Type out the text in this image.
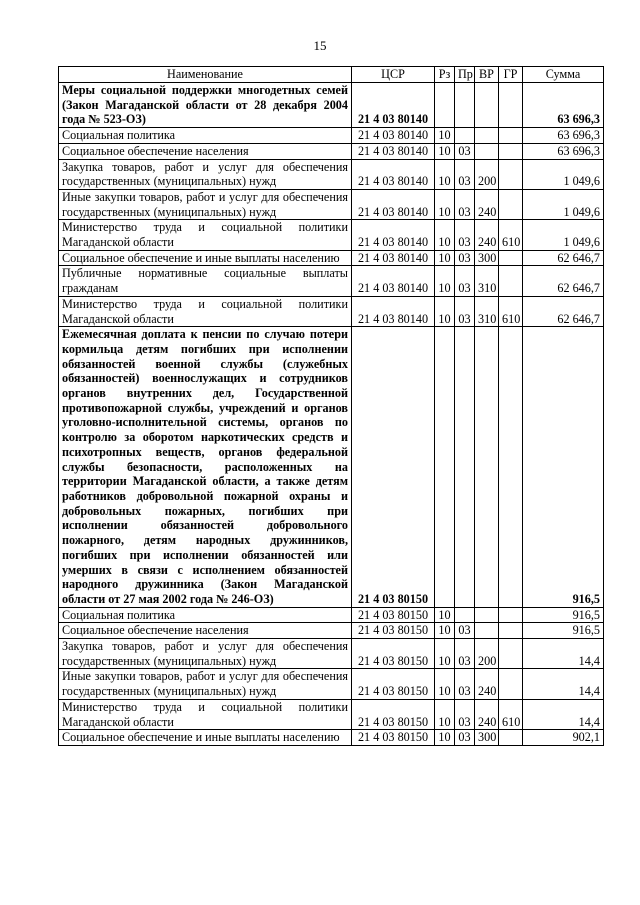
15
Наименование	ЦСР	Рз	Пр	ВР	ГР	Сумма
Меры социальной поддержки многодетных семей (Закон Магаданской области от 28 декабря 2004 года № 523-ОЗ)	21 4 03 80140					63 696,3
Социальная политика	21 4 03 80140	10				63 696,3
Социальное обеспечение населения	21 4 03 80140	10	03			63 696,3
Закупка товаров, работ и услуг для обеспечения государственных (муниципальных) нужд	21 4 03 80140	10	03	200		1 049,6
Иные закупки товаров, работ и услуг для обеспечения государственных (муниципальных) нужд	21 4 03 80140	10	03	240		1 049,6
Министерство труда и социальной политики Магаданской области	21 4 03 80140	10	03	240	610	1 049,6
Социальное обеспечение и иные выплаты населению	21 4 03 80140	10	03	300		62 646,7
Публичные нормативные социальные выплаты гражданам	21 4 03 80140	10	03	310		62 646,7
Министерство труда и социальной политики Магаданской области	21 4 03 80140	10	03	310	610	62 646,7
Ежемесячная доплата к пенсии по случаю потери кормильца детям погибших при исполнении обязанностей военной службы (служебных обязанностей) военнослужащих и сотрудников органов внутренних дел, Государственной противопожарной службы, учреждений и органов уголовно-исполнительной системы, органов по контролю за оборотом наркотических средств и психотропных веществ, органов федеральной службы безопасности, расположенных на территории Магаданской области, а также детям работников добровольной пожарной охраны и добровольных пожарных, погибших при исполнении обязанностей добровольного пожарного, детям народных дружинников, погибших при исполнении обязанностей или умерших в связи с исполнением обязанностей народного дружинника (Закон Магаданской области от 27 мая 2002 года № 246-ОЗ)	21 4 03 80150					916,5
Социальная политика	21 4 03 80150	10				916,5
Социальное обеспечение населения	21 4 03 80150	10	03			916,5
Закупка товаров, работ и услуг для обеспечения государственных (муниципальных) нужд	21 4 03 80150	10	03	200		14,4
Иные закупки товаров, работ и услуг для обеспечения государственных (муниципальных) нужд	21 4 03 80150	10	03	240		14,4
Министерство труда и социальной политики Магаданской области	21 4 03 80150	10	03	240	610	14,4
Социальное обеспечение и иные выплаты населению	21 4 03 80150	10	03	300		902,1
